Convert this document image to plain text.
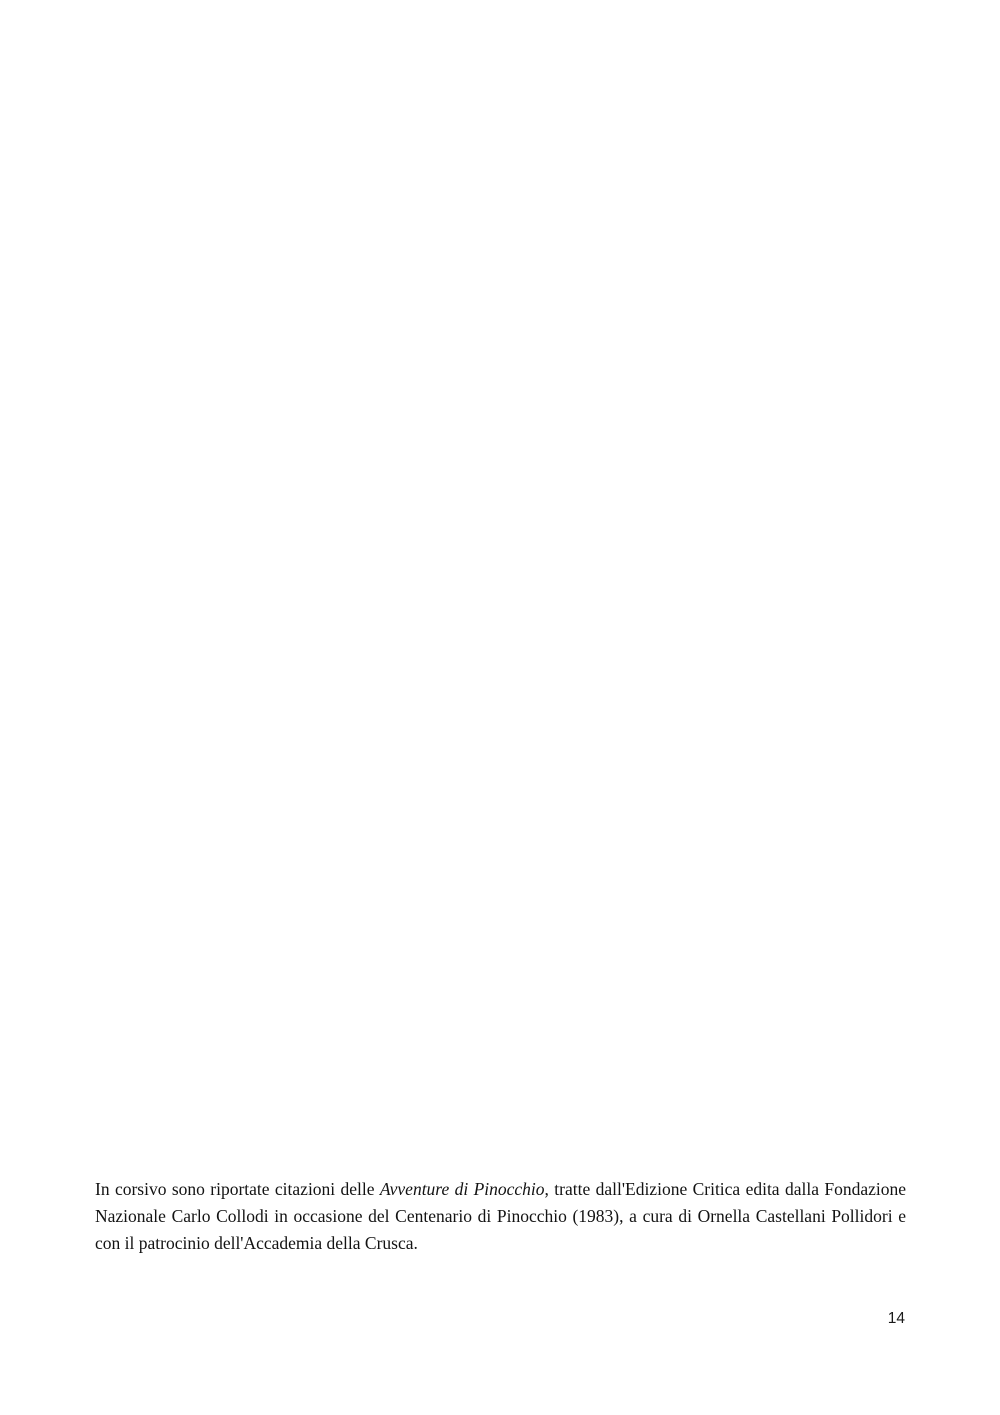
In corsivo sono riportate citazioni delle Avventure di Pinocchio, tratte dall'Edizione Critica edita dalla Fondazione Nazionale Carlo Collodi in occasione del Centenario di Pinocchio (1983), a cura di Ornella Castellani Pollidori e con il patrocinio dell'Accademia della Crusca.

14
